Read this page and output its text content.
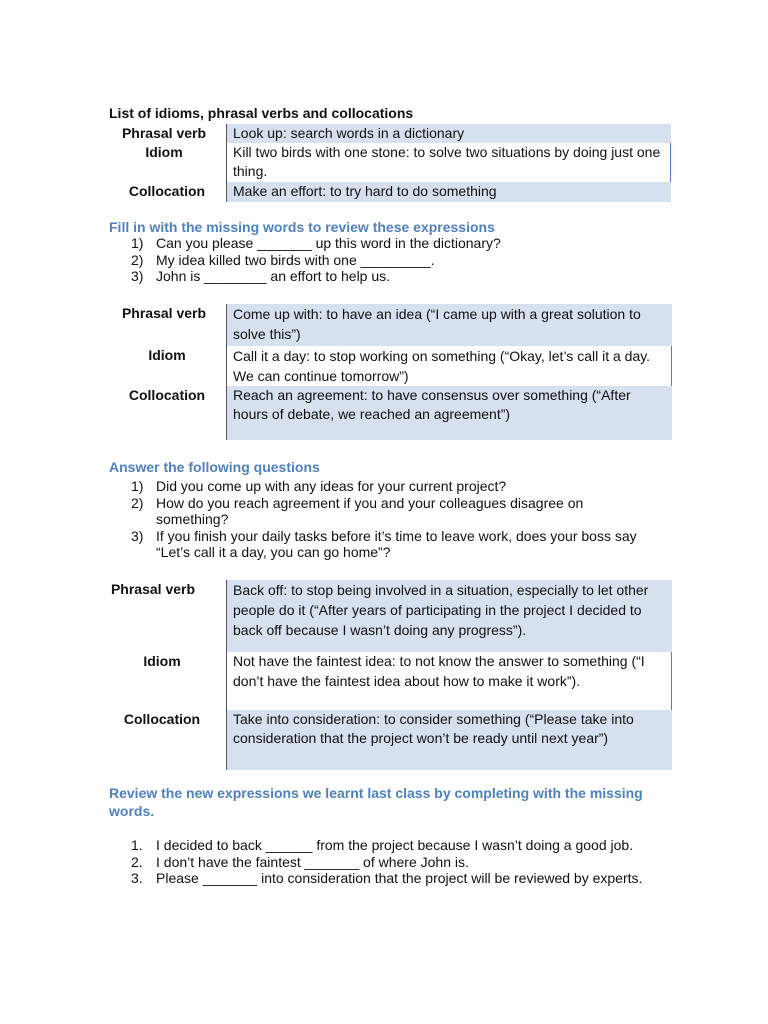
List of idioms, phrasal verbs and collocations
Phrasal verb	Look up: search words in a dictionary
Idiom	Kill two birds with one stone: to solve two situations by doing just one thing.
Collocation	Make an effort: to try hard to do something
Fill in with the missing words to review these expressions
1) Can you please _______ up this word in the dictionary?
2) My idea killed two birds with one _________.
3) John is ________ an effort to help us.
Phrasal verb	Come up with: to have an idea (“I came up with a great solution to solve this”)
Idiom	Call it a day: to stop working on something (“Okay, let’s call it a day. We can continue tomorrow”)
Collocation	Reach an agreement: to have consensus over something (“After hours of debate, we reached an agreement”)
Answer the following questions
1) Did you come up with any ideas for your current project?
2) How do you reach agreement if you and your colleagues disagree on something?
3) If you finish your daily tasks before it’s time to leave work, does your boss say “Let’s call it a day, you can go home”?
Phrasal verb	Back off: to stop being involved in a situation, especially to let other people do it (“After years of participating in the project I decided to back off because I wasn’t doing any progress”).
Idiom	Not have the faintest idea: to not know the answer to something (“I don’t have the faintest idea about how to make it work”).
Collocation	Take into consideration: to consider something (“Please take into consideration that the project won’t be ready until next year”)
Review the new expressions we learnt last class by completing with the missing words.
1. I decided to back ______ from the project because I wasn’t doing a good job.
2. I don’t have the faintest _______ of where John is.
3. Please _______ into consideration that the project will be reviewed by experts.
